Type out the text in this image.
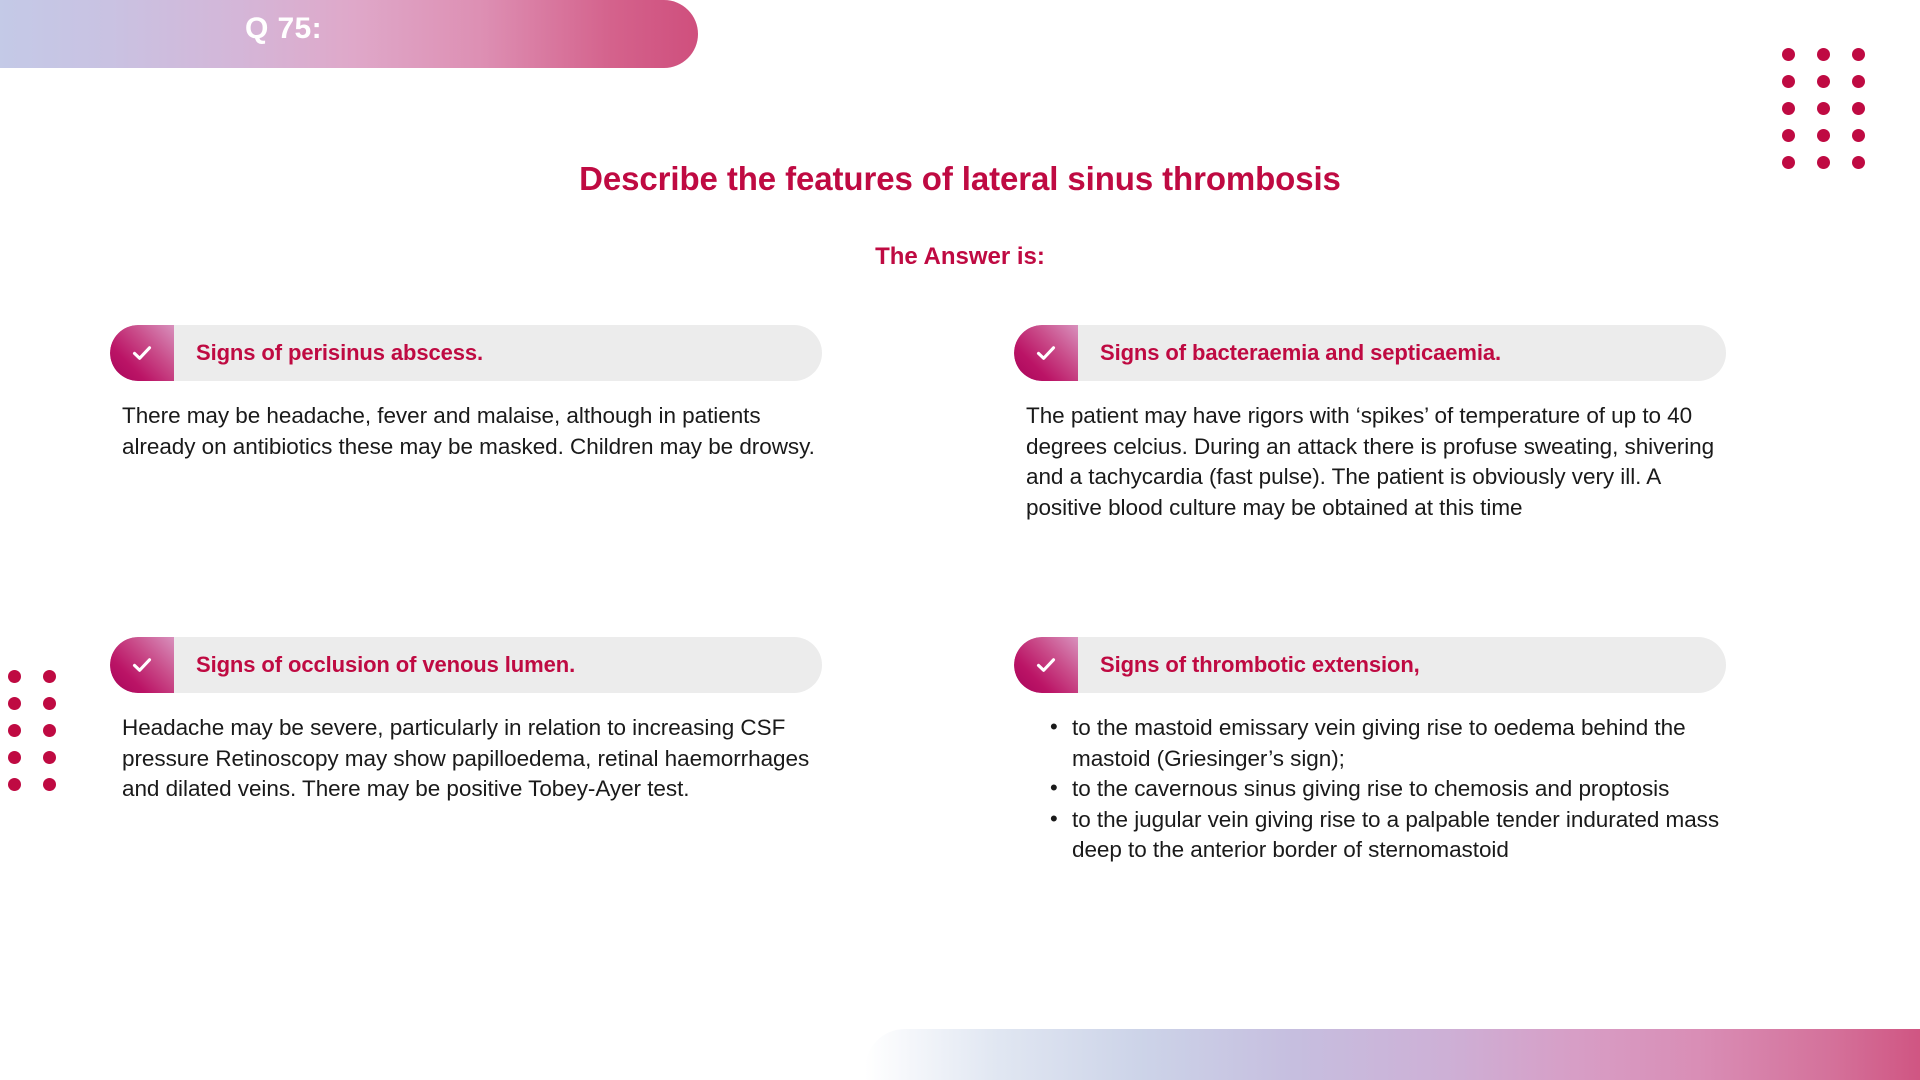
Q 75:
Describe the features of lateral sinus thrombosis
The Answer is:
Signs of perisinus abscess.

There may be headache, fever and malaise, although in patients already on antibiotics these may be masked. Children may be drowsy.

Signs of bacteraemia and septicaemia.

The patient may have rigors with ‘spikes’ of temperature of up to 40 degrees celcius. During an attack there is profuse sweating, shivering and a tachycardia (fast pulse). The patient is obviously very ill. A positive blood culture may be obtained at this time

Signs of occlusion of venous lumen.

Headache may be severe, particularly in relation to increasing CSF pressure Retinoscopy may show papilloedema, retinal haemorrhages and dilated veins. There may be positive Tobey-Ayer test.

Signs of thrombotic extension,
• to the mastoid emissary vein giving rise to oedema behind the mastoid (Griesinger’s sign);
• to the cavernous sinus giving rise to chemosis and proptosis
• to the jugular vein giving rise to a palpable tender indurated mass deep to the anterior border of sternomastoid
